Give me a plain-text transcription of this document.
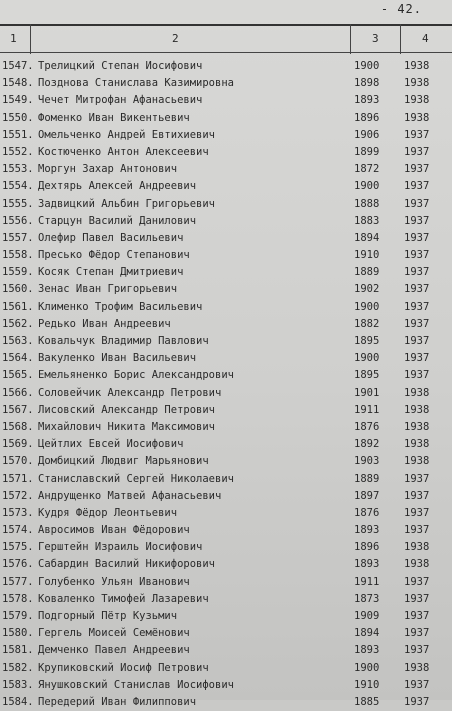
- 42.
1	2	3	4
1547. Трелицкий Степан Иосифович	1900	1938
1548. Позднова Станислава Казимировна	1898	1938
1549. Чечет Митрофан Афанасьевич	1893	1938
1550. Фоменко Иван Викентьевич	1896	1938
1551. Омельченко Андрей Евтихиевич	1906	1937
1552. Костюченко Антон Алексеевич	1899	1937
1553. Моргун Захар Антонович	1872	1937
1554. Дехтярь Алексей Андреевич	1900	1937
1555. Задвицкий Альбин Григорьевич	1888	1937
1556. Старцун Василий Данилович	1883	1937
1557. Олефир Павел Васильевич	1894	1937
1558. Пресько Фёдор Степанович	1910	1937
1559. Косяк Степан Дмитриевич	1889	1937
1560. Зенас Иван Григорьевич	1902	1937
1561. Клименко Трофим Васильевич	1900	1937
1562. Редько Иван Андреевич	1882	1937
1563. Ковальчук Владимир Павлович	1895	1937
1564. Вакуленко Иван Васильевич	1900	1937
1565. Емельяненко Борис Александрович	1895	1937
1566. Соловейчик Александр Петрович	1901	1938
1567. Лисовский Александр Петрович	1911	1938
1568. Михайлович Никита Максимович	1876	1938
1569. Цейтлих Евсей Иосифович	1892	1938
1570. Домбицкий Людвиг Марьянович	1903	1938
1571. Станиславский Сергей Николаевич	1889	1937
1572. Андрущенко Матвей Афанасьевич	1897	1937
1573. Кудря Фёдор Леонтьевич	1876	1937
1574. Авросимов Иван Фёдорович	1893	1937
1575. Герштейн Израиль Иосифович	1896	1938
1576. Сабардин Василий Никифорович	1893	1938
1577. Голубенко Ульян Иванович	1911	1937
1578. Коваленко Тимофей Лазаревич	1873	1937
1579. Подгорный Пётр Кузьмич	1909	1937
1580. Гергель Моисей Семёнович	1894	1937
1581. Демченко Павел Андреевич	1893	1937
1582. Крупиковский Иосиф Петрович	1900	1938
1583. Янушковский Станислав Иосифович	1910	1937
1584. Передерий Иван Филиппович	1885	1937
